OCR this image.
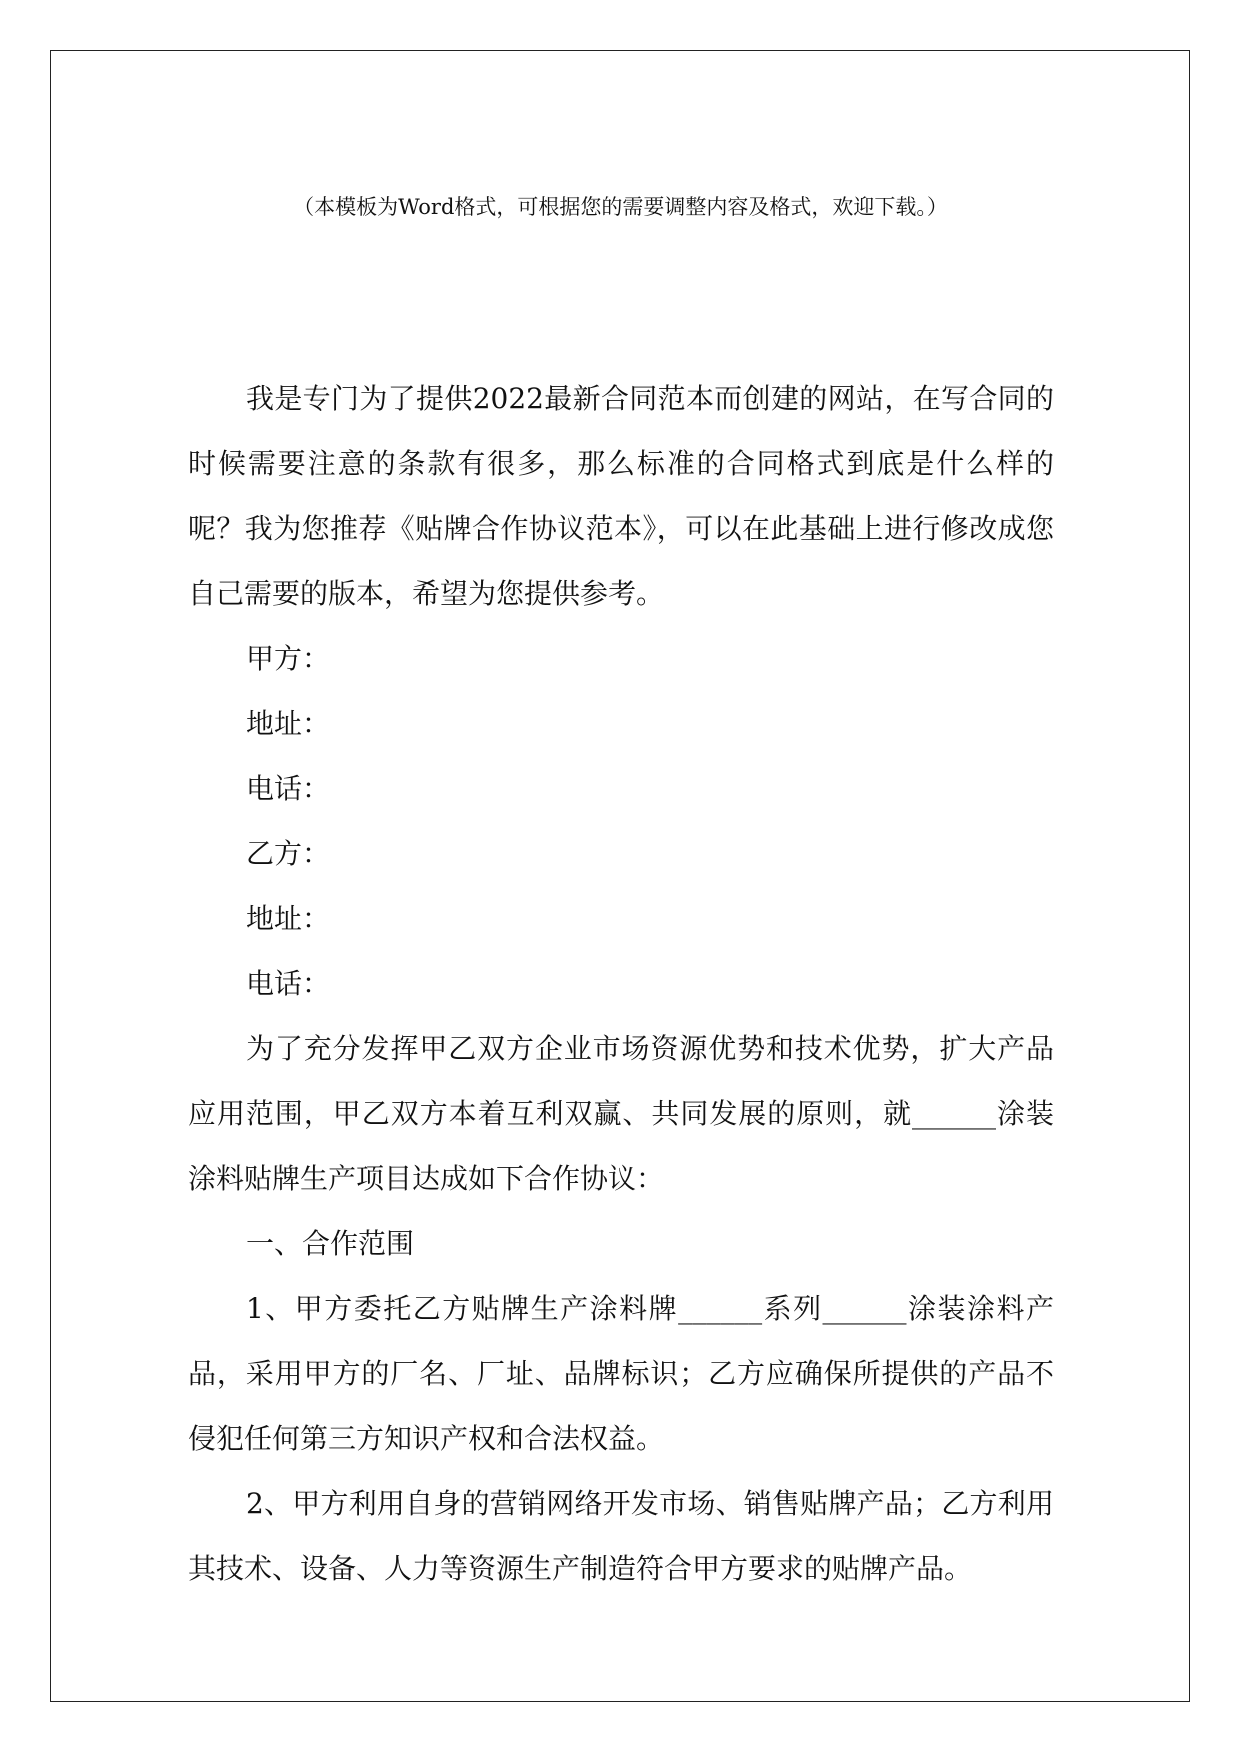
（本模板为Word格式，可根据您的需要调整内容及格式，欢迎下载。）

我是专门为了提供2022最新合同范本而创建的网站，在写合同的时候需要注意的条款有很多，那么标准的合同格式到底是什么样的呢？我为您推荐《贴牌合作协议范本》，可以在此基础上进行修改成您自己需要的版本，希望为您提供参考。

甲方：

地址：

电话：

乙方：

地址：

电话：

为了充分发挥甲乙双方企业市场资源优势和技术优势，扩大产品应用范围，甲乙双方本着互利双赢、共同发展的原则，就______涂装涂料贴牌生产项目达成如下合作协议：

一、合作范围

1、甲方委托乙方贴牌生产涂料牌______系列______涂装涂料产品，采用甲方的厂名、厂址、品牌标识；乙方应确保所提供的产品不侵犯任何第三方知识产权和合法权益。

2、甲方利用自身的营销网络开发市场、销售贴牌产品；乙方利用其技术、设备、人力等资源生产制造符合甲方要求的贴牌产品。
